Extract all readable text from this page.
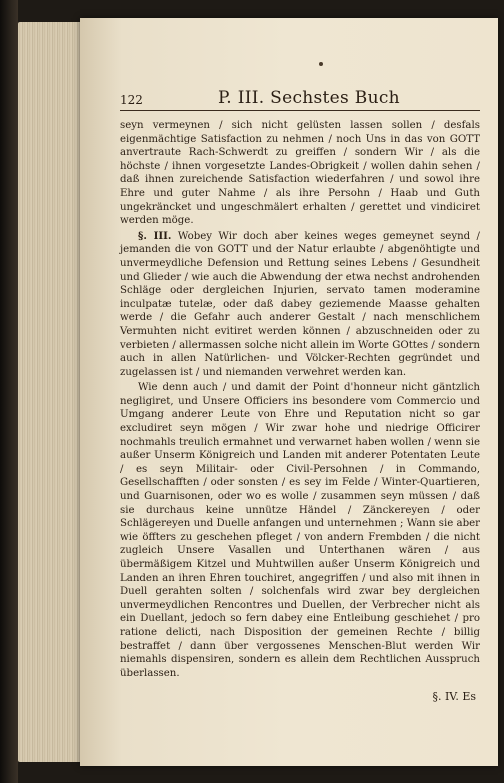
122	P. III. Sechstes Buch

seyn vermeynen / sich nicht gelüsten lassen sollen / desfals eigenmächtige Satisfaction zu nehmen / noch Uns in das von GOTT anvertraute Rach-Schwerdt zu greiffen / sondern Wir / als die höchste / ihnen vorgesetzte Landes-Obrigkeit / wollen dahin sehen / daß ihnen zureichende Satisfaction wiederfahren / und sowol ihre Ehre und guter Nahme / als ihre Persohn / Haab und Guth ungekräncket und ungeschmälert erhalten / gerettet und vindiciret werden möge.

§. III. Wobey Wir doch aber keines weges gemeynet seynd / jemanden die von GOTT und der Natur erlaubte / abgenöhtigte und unvermeydliche Defension und Rettung seines Lebens / Gesundheit und Glieder / wie auch die Abwendung der etwa nechst androhenden Schläge oder dergleichen Injurien, servato tamen moderamine inculpatæ tutelæ, oder daß dabey geziemende Maasse gehalten werde / die Gefahr auch anderer Gestalt / nach menschlichem Vermuhten nicht evitiret werden können / abzuschneiden oder zu verbieten / allermassen solche nicht allein im Worte GOttes / sondern auch in allen Natürlichen- und Völcker-Rechten gegründet und zugelassen ist / und niemanden verwehret werden kan.

Wie denn auch / und damit der Point d'honneur nicht gäntzlich negligiret, und Unsere Officiers ins besondere vom Commercio und Umgang anderer Leute von Ehre und Reputation nicht so gar excludiret seyn mögen / Wir zwar hohe und niedrige Officirer nochmahls treulich ermahnet und verwarnet haben wollen / wenn sie außer Unserm Königreich und Landen mit anderer Potentaten Leute / es seyn Militair- oder Civil-Persohnen / in Commando, Gesellschafften / oder sonsten / es sey im Felde / Winter-Quartieren, und Guarnisonen, oder wo es wolle / zusammen seyn müssen / daß sie durchaus keine unnütze Händel / Zänckereyen / oder Schlägereyen und Duelle anfangen und unternehmen ; Wann sie aber wie öffters zu geschehen pfleget / von andern Frembden / die nicht zugleich Unsere Vasallen und Unterthanen wären / aus übermäßigem Kitzel und Muhtwillen außer Unserm Königreich und Landen an ihren Ehren touchiret, angegriffen / und also mit ihnen in Duell gerahten solten / solchenfals wird zwar bey dergleichen unvermeydlichen Rencontres und Duellen, der Verbrecher nicht als ein Duellant, jedoch so fern dabey eine Entleibung geschiehet / pro ratione delicti, nach Disposition der gemeinen Rechte / billig bestraffet / dann über vergossenes Menschen-Blut werden Wir niemahls dispensiren, sondern es allein dem Rechtlichen Ausspruch überlassen.

§. IV. Es
